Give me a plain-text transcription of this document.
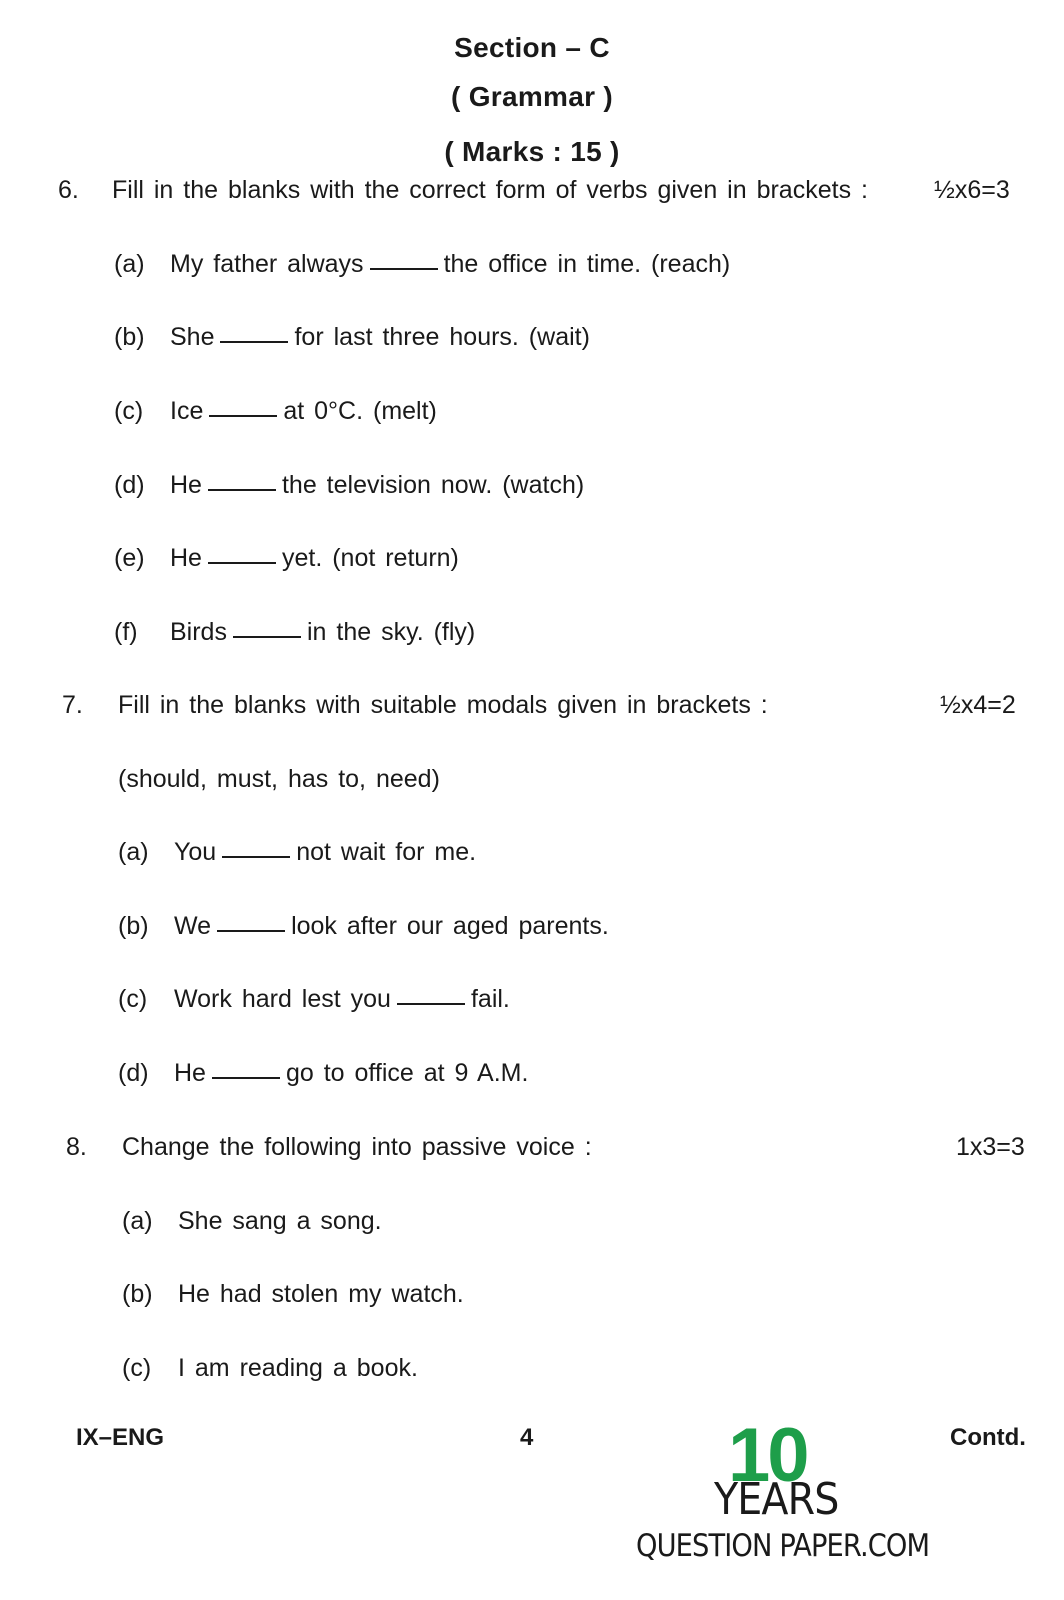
Section – C
( Grammar )
( Marks : 15 )
6. Fill in the blanks with the correct form of verbs given in brackets :	½x6=3
(a) My father always	the office in time. (reach)
(b) She	for last three hours. (wait)
(c) Ice	at 0°C. (melt)
(d) He	the television now. (watch)
(e) He	yet. (not return)
(f) Birds	in the sky. (fly)
7. Fill in the blanks with suitable modals given in brackets :	½x4=2
(should, must, has to, need)
(a) You	not wait for me.
(b) We	look after our aged parents.
(c) Work hard lest you	fail.
(d) He	go to office at 9 A.M.
8. Change the following into passive voice :	1x3=3
(a) She sang a song.
(b) He had stolen my watch.
(c) I am reading a book.
IX–ENG	4	Contd.
10
YEARS
QUESTION PAPER.COM
